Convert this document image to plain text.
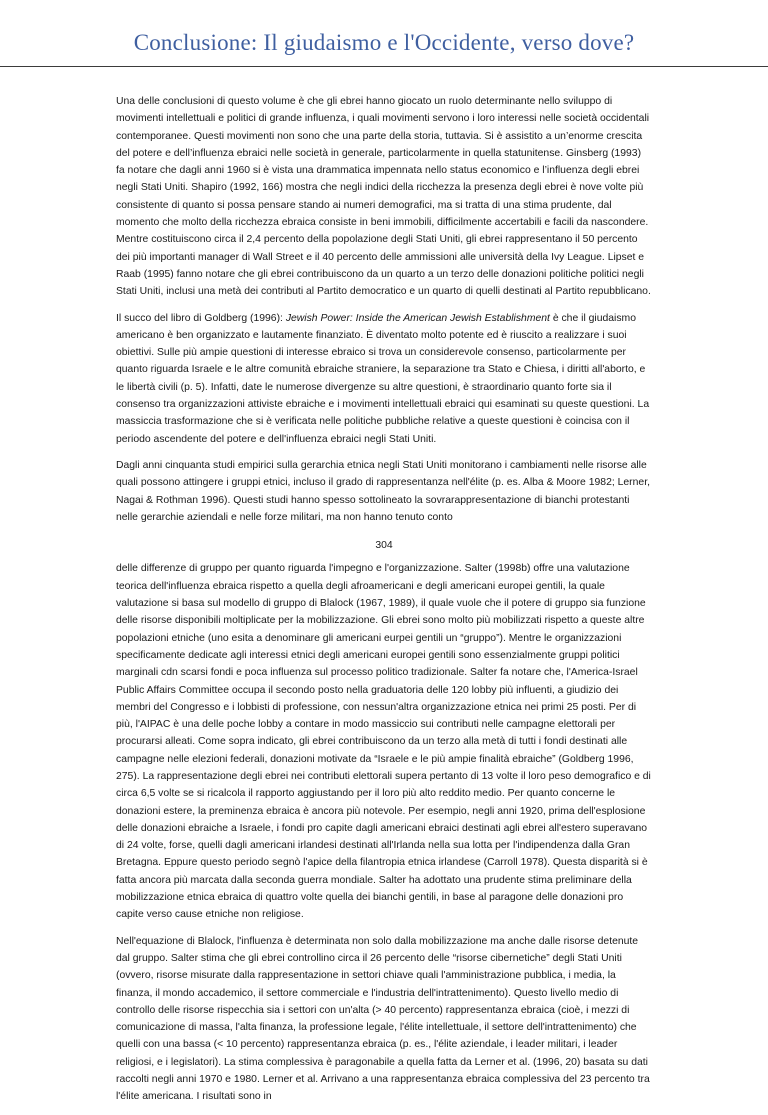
Conclusione: Il giudaismo e l'Occidente, verso dove?

Una delle conclusioni di questo volume è che gli ebrei hanno giocato un ruolo determinante nello sviluppo di movimenti intellettuali e politici di grande influenza, i quali movimenti servono i loro interessi nelle società occidentali contemporanee. Questi movimenti non sono che una parte della storia, tuttavia. Si è assistito a un’enorme crescita del potere e dell’influenza ebraici nelle società in generale, particolarmente in quella statunitense. Ginsberg (1993) fa notare che dagli anni 1960 si è vista una drammatica impennata nello status economico e l’influenza degli ebrei negli Stati Uniti. Shapiro (1992, 166) mostra che negli indici della ricchezza la presenza degli ebrei è nove volte più consistente di quanto si possa pensare stando ai numeri demografici, ma si tratta di una stima prudente, dal momento che molto della ricchezza ebraica consiste in beni immobili, difficilmente accertabili e facili da nascondere. Mentre costituiscono circa il 2,4 percento della popolazione degli Stati Uniti, gli ebrei rappresentano il 50 percento dei più importanti manager di Wall Street e il 40 percento delle ammissioni alle università della Ivy League. Lipset e Raab (1995) fanno notare che gli ebrei contribuiscono da un quarto a un terzo delle donazioni politiche politici negli Stati Uniti, inclusi una metà dei contributi al Partito democratico e un quarto di quelli destinati al Partito repubblicano.

Il succo del libro di Goldberg (1996): Jewish Power: Inside the American Jewish Establishment è che il giudaismo americano è ben organizzato e lautamente finanziato. È diventato molto potente ed è riuscito a realizzare i suoi obiettivi. Sulle più ampie questioni di interesse ebraico si trova un considerevole consenso, particolarmente per quanto riguarda Israele e le altre comunità ebraiche straniere, la separazione tra Stato e Chiesa, i diritti all'aborto, e le libertà civili (p. 5). Infatti, date le numerose divergenze su altre questioni, è straordinario quanto forte sia il consenso tra organizzazioni attiviste ebraiche e i movimenti intellettuali ebraici qui esaminati su queste questioni. La massiccia trasformazione che si è verificata nelle politiche pubbliche relative a queste questioni è coincisa con il periodo ascendente del potere e dell'influenza ebraici negli Stati Uniti.

Dagli anni cinquanta studi empirici sulla gerarchia etnica negli Stati Uniti monitorano i cambiamenti nelle risorse alle quali possono attingere i gruppi etnici, incluso il grado di rappresentanza nell'élite (p. es. Alba & Moore 1982; Lerner, Nagai & Rothman 1996). Questi studi hanno spesso sottolineato la sovrarappresentazione di bianchi protestanti nelle gerarchie aziendali e nelle forze militari, ma non hanno tenuto conto

304

delle differenze di gruppo per quanto riguarda l'impegno e l'organizzazione. Salter (1998b) offre una valutazione teorica dell'influenza ebraica rispetto a quella degli afroamericani e degli americani europei gentili, la quale valutazione si basa sul modello di gruppo di Blalock (1967, 1989), il quale vuole che il potere di gruppo sia funzione delle risorse disponibili moltiplicate per la mobilizzazione. Gli ebrei sono molto più mobilizzati rispetto a queste altre popolazioni etniche (uno esita a denominare gli americani eurpei gentili un “gruppo”). Mentre le organizzazioni specificamente dedicate agli interessi etnici degli americani europei gentili sono essenzialmente gruppi politici marginali cdn scarsi fondi e poca influenza sul processo politico tradizionale. Salter fa notare che, l'America-Israel Public Affairs Committee occupa il secondo posto nella graduatoria delle 120 lobby più influenti, a giudizio dei membri del Congresso e i lobbisti di professione, con nessun'altra organizzazione etnica nei primi 25 posti. Per di più, l'AIPAC è una delle poche lobby a contare in modo massiccio sui contributi nelle campagne elettorali per procurarsi alleati. Come sopra indicato, gli ebrei contribuiscono da un terzo alla metà di tutti i fondi destinati alle campagne nelle elezioni federali, donazioni motivate da “Israele e le più ampie finalità ebraiche” (Goldberg 1996, 275). La rappresentazione degli ebrei nei contributi elettorali supera pertanto di 13 volte il loro peso demografico e di circa 6,5 volte se si ricalcola il rapporto aggiustando per il loro più alto reddito medio. Per quanto concerne le donazioni estere, la preminenza ebraica è ancora più notevole. Per esempio, negli anni 1920, prima dell'esplosione delle donazioni ebraiche a Israele, i fondi pro capite dagli americani ebraici destinati agli ebrei all'estero superavano di 24 volte, forse, quelli dagli americani irlandesi destinati all'Irlanda nella sua lotta per l'indipendenza dalla Gran Bretagna. Eppure questo periodo segnò l'apice della filantropia etnica irlandese (Carroll 1978). Questa disparità si è fatta ancora più marcata dalla seconda guerra mondiale. Salter ha adottato una prudente stima preliminare della mobilizzazione etnica ebraica di quattro volte quella dei bianchi gentili, in base al paragone delle donazioni pro capite verso cause etniche non religiose.

Nell'equazione di Blalock, l'influenza è determinata non solo dalla mobilizzazione ma anche dalle risorse detenute dal gruppo. Salter stima che gli ebrei controllino circa il 26 percento delle “risorse cibernetiche” degli Stati Uniti (ovvero, risorse misurate dalla rappresentazione in settori chiave quali l'amministrazione pubblica, i media, la finanza, il mondo accademico, il settore commerciale e l'industria dell'intrattenimento). Questo livello medio di controllo delle risorse rispecchia sia i settori con un'alta (> 40 percento) rappresentanza ebraica (cioè, i mezzi di comunicazione di massa, l'alta finanza, la professione legale, l'élite intellettuale, il settore dell'intrattenimento) che quelli con una bassa (< 10 percento) rappresentanza ebraica (p. es., l'élite aziendale, i leader militari, i leader religiosi, e i legislatori). La stima complessiva è paragonabile a quella fatta da Lerner et al. (1996, 20) basata su dati raccolti negli anni 1970 e 1980. Lerner et al. Arrivano a una rappresentanza ebraica complessiva del 23 percento tra l'élite americana. I risultati sono in
